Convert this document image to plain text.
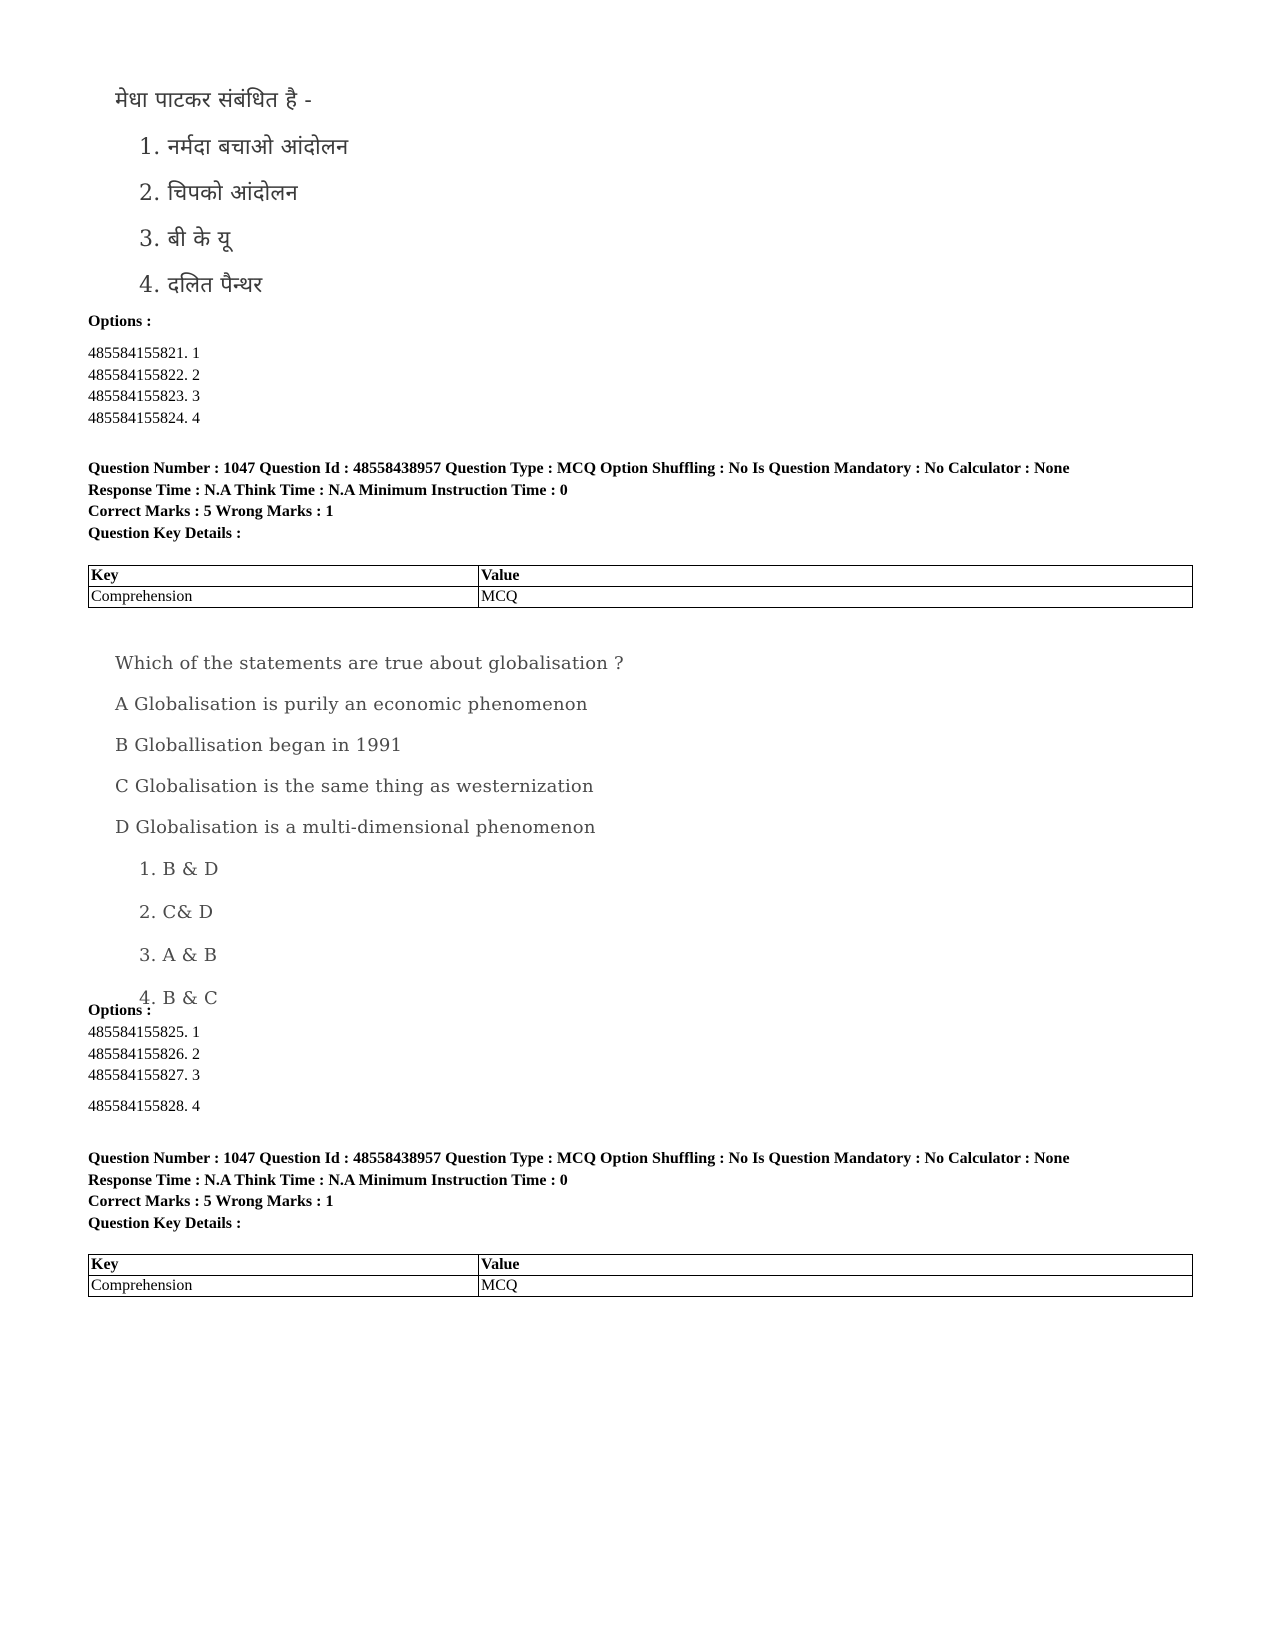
मेधा पाटकर संबंधित है -
1. नर्मदा बचाओ आंदोलन
2. चिपको आंदोलन
3. बी के यू
4. दलित पैन्थर
Options :
485584155821. 1
485584155822. 2
485584155823. 3
485584155824. 4
Question Number : 1047 Question Id : 48558438957 Question Type : MCQ Option Shuffling : No Is Question Mandatory : No Calculator : None
Response Time : N.A Think Time : N.A Minimum Instruction Time : 0
Correct Marks : 5 Wrong Marks : 1
Question Key Details :
Key	Value
Comprehension	MCQ
Which of the statements are true about globalisation ?
A Globalisation is purily an economic phenomenon
B Globallisation began in 1991
C Globalisation is the same thing as westernization
D Globalisation is a multi-dimensional phenomenon
1. B & D
2. C& D
3. A & B
4. B & C
Options :
485584155825. 1
485584155826. 2
485584155827. 3
485584155828. 4
Question Number : 1047 Question Id : 48558438957 Question Type : MCQ Option Shuffling : No Is Question Mandatory : No Calculator : None
Response Time : N.A Think Time : N.A Minimum Instruction Time : 0
Correct Marks : 5 Wrong Marks : 1
Question Key Details :
Key	Value
Comprehension	MCQ
